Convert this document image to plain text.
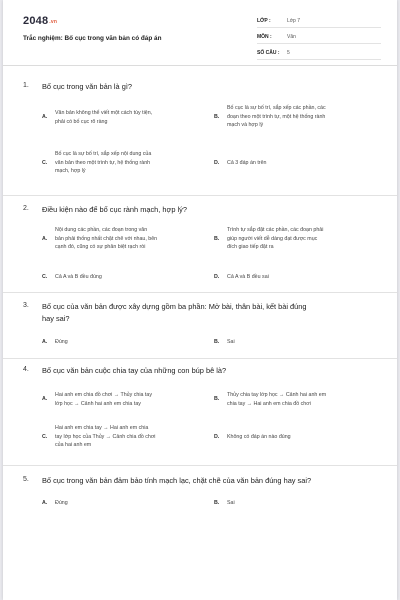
2048.vn
Trắc nghiệm: Bố cục trong văn bản có đáp án
LỚP :	Lớp 7
MÔN :	Văn
SỐ CÂU : 5
1. Bố cục trong văn bản là gì?
A.
Văn bản không thể viết một cách tùy tiện,
phải có bố cục rõ ràng
B.
Bố cục là sự bố trí, sắp xếp các phần, các
đoạn theo một trình tự, một hệ thống rành
mạch và hợp lý
C.
Bố cục là sự bố trí, sắp xếp nội dung của
văn bản theo một trình tự, hệ thống rành
mạch, hợp lý
D. Cả 3 đáp án trên
2. Điều kiện nào để bố cục rành mạch, hợp lý?
A.
Nội dung các phần, các đoạn trong văn
bản phải thống nhất chặt chẽ với nhau, bên
cạnh đó, cũng có sự phân biệt rạch ròi
B.
Trình tự sắp đặt các phần, các đoạn phải
giúp người viết dễ dàng đạt được mục
đích giao tiếp đặt ra
C. Cả A và B đều đúng	D. Cả A và B đều sai
3. Bố cục của văn bản được xây dựng gồm ba phần: Mở bài, thân bài, kết bài đúng
hay sai?
A. Đúng	B. Sai
4. Bố cục văn bản cuộc chia tay của những con búp bê là?
A.
Hai anh em chia đồ chơi → Thủy chia tay
lớp học → Cảnh hai anh em chia tay
B.
Thủy chia tay lớp học → Cảnh hai anh em
chia tay → Hai anh em chia đồ chơi
C.
Hai anh em chia tay → Hai anh em chia
tay lớp học của Thủy → Cảnh chia đồ chơi
của hai anh em
D. Không có đáp án nào đúng
5. Bố cục trong văn bản đảm bảo tính mạch lạc, chặt chẽ của văn bản đúng hay sai?
A. Đúng	B. Sai
